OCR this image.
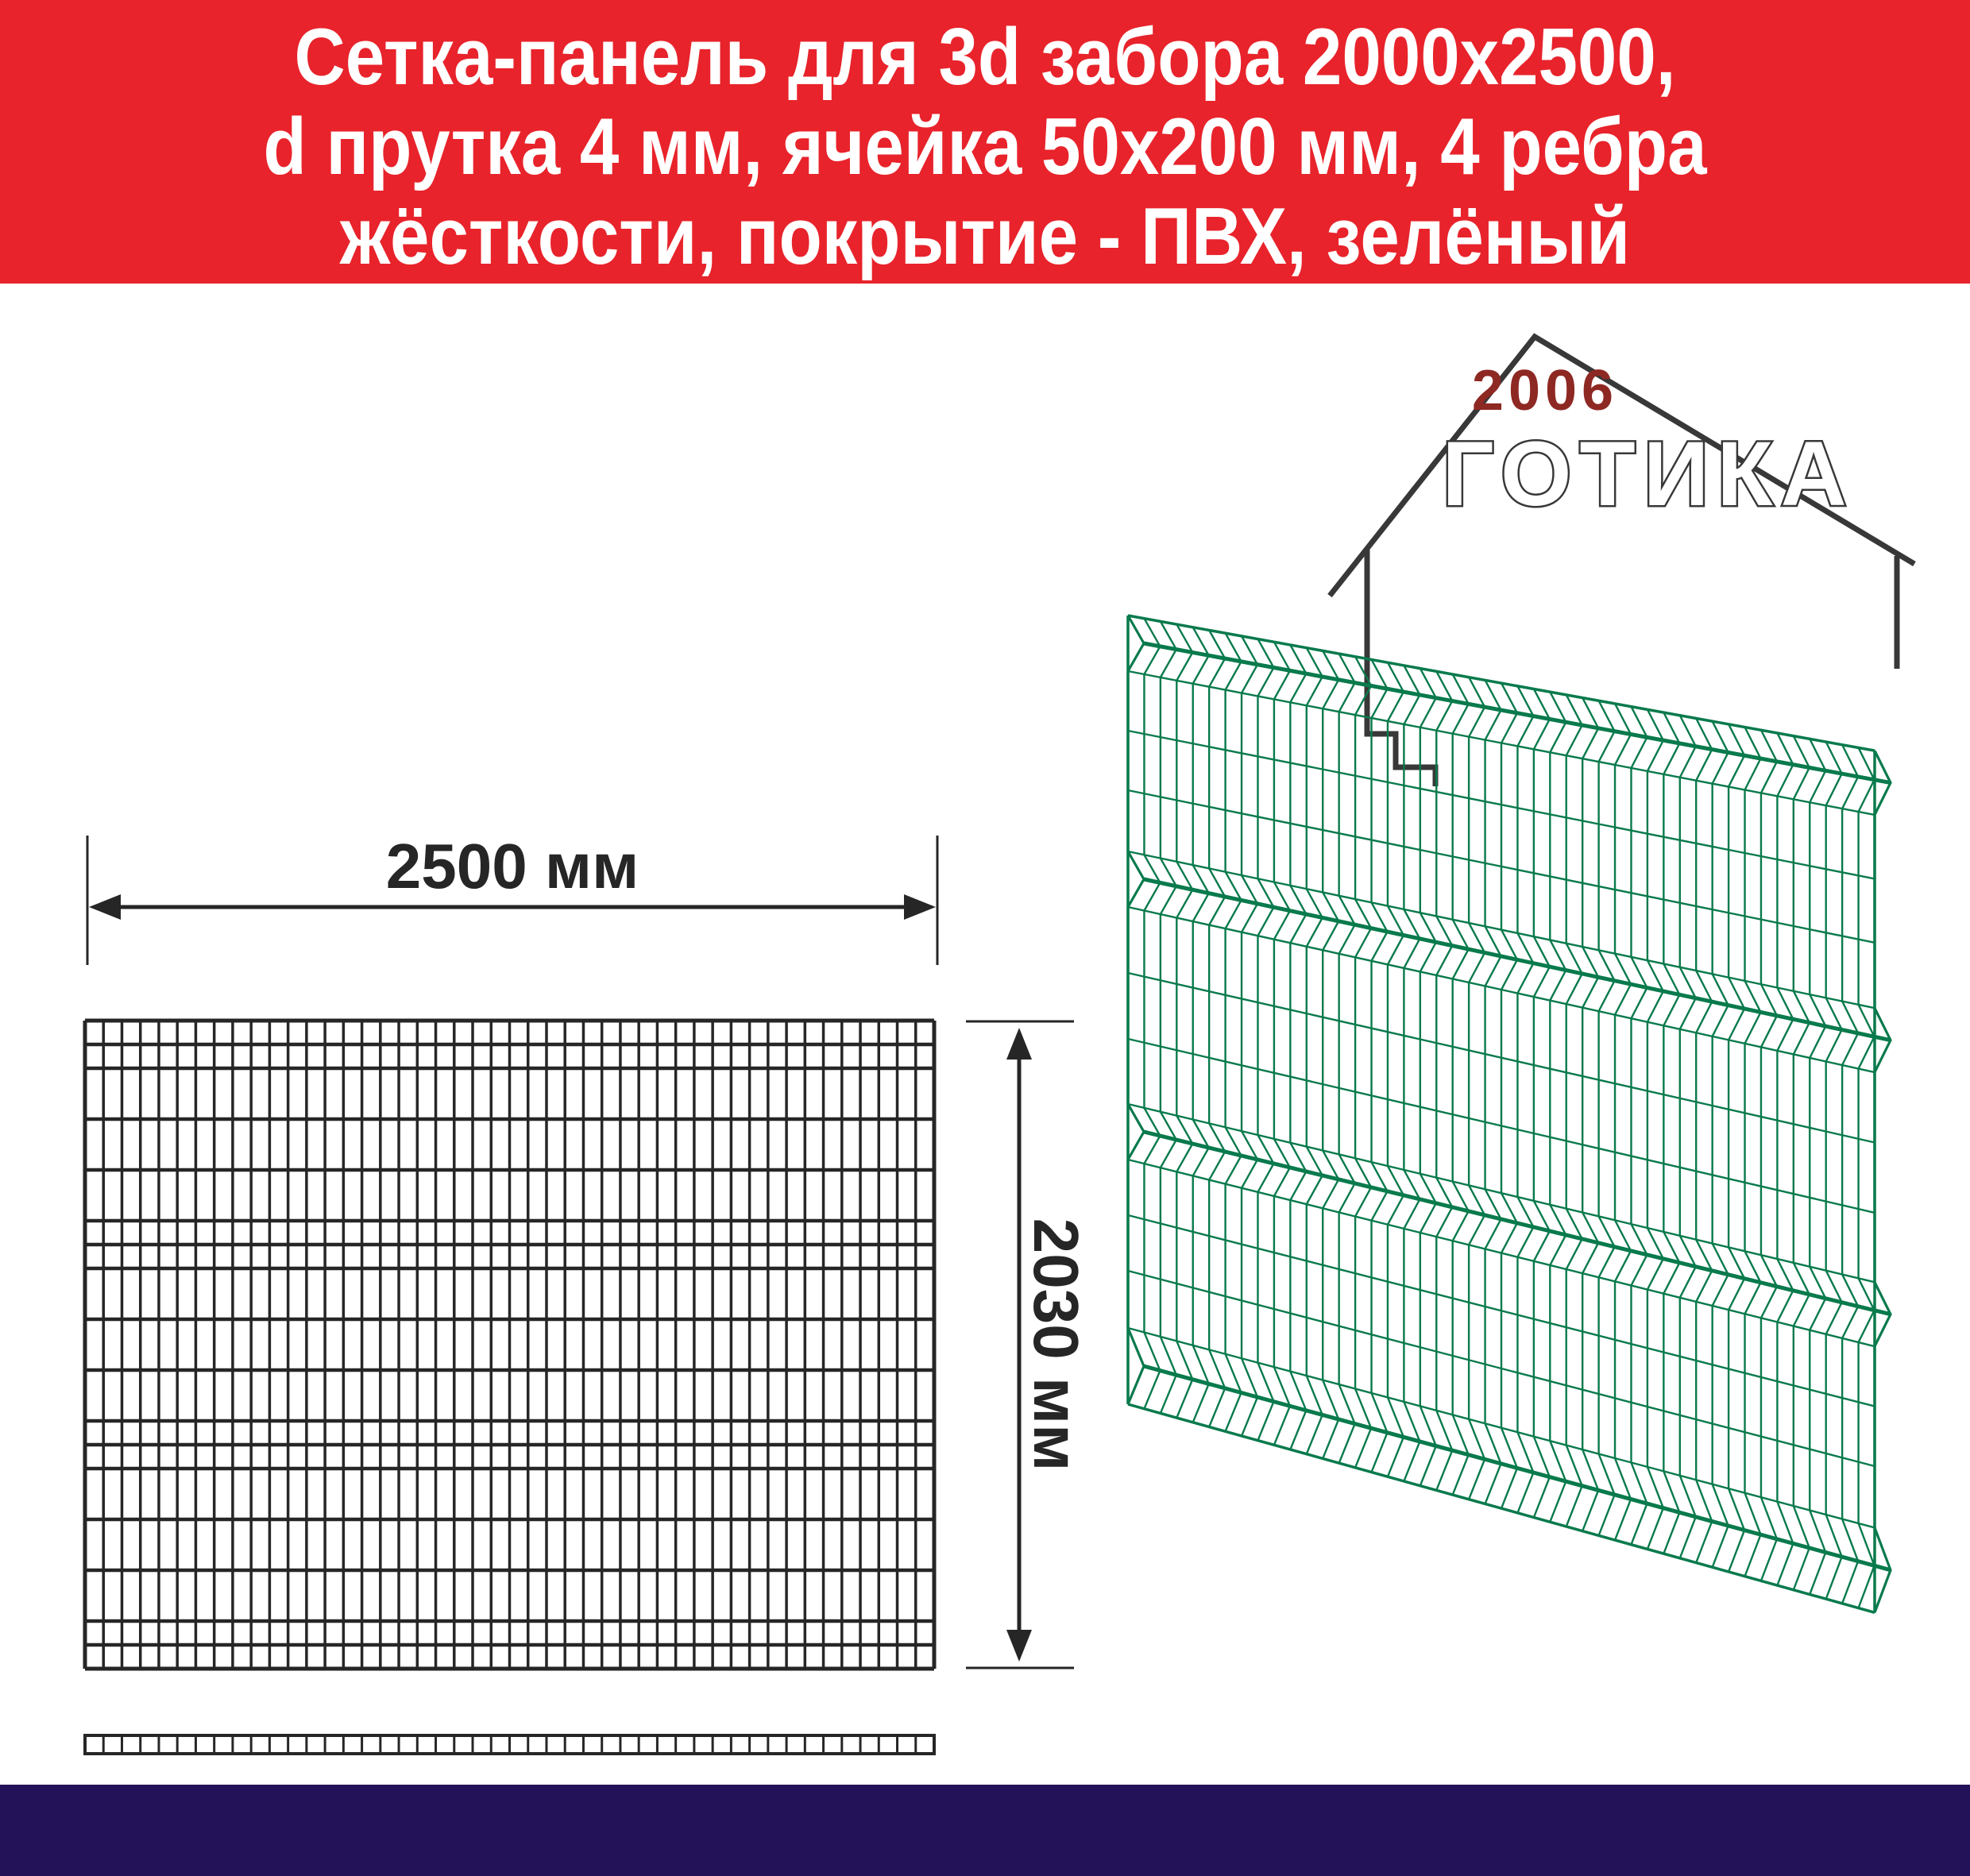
Сетка-панель для 3d забора 2000х2500,
d прутка 4 мм, ячейка 50х200 мм, 4 ребра
жёсткости, покрытие - ПВХ, зелёный
2006
ГОТИКА
2500 мм
2030 мм
